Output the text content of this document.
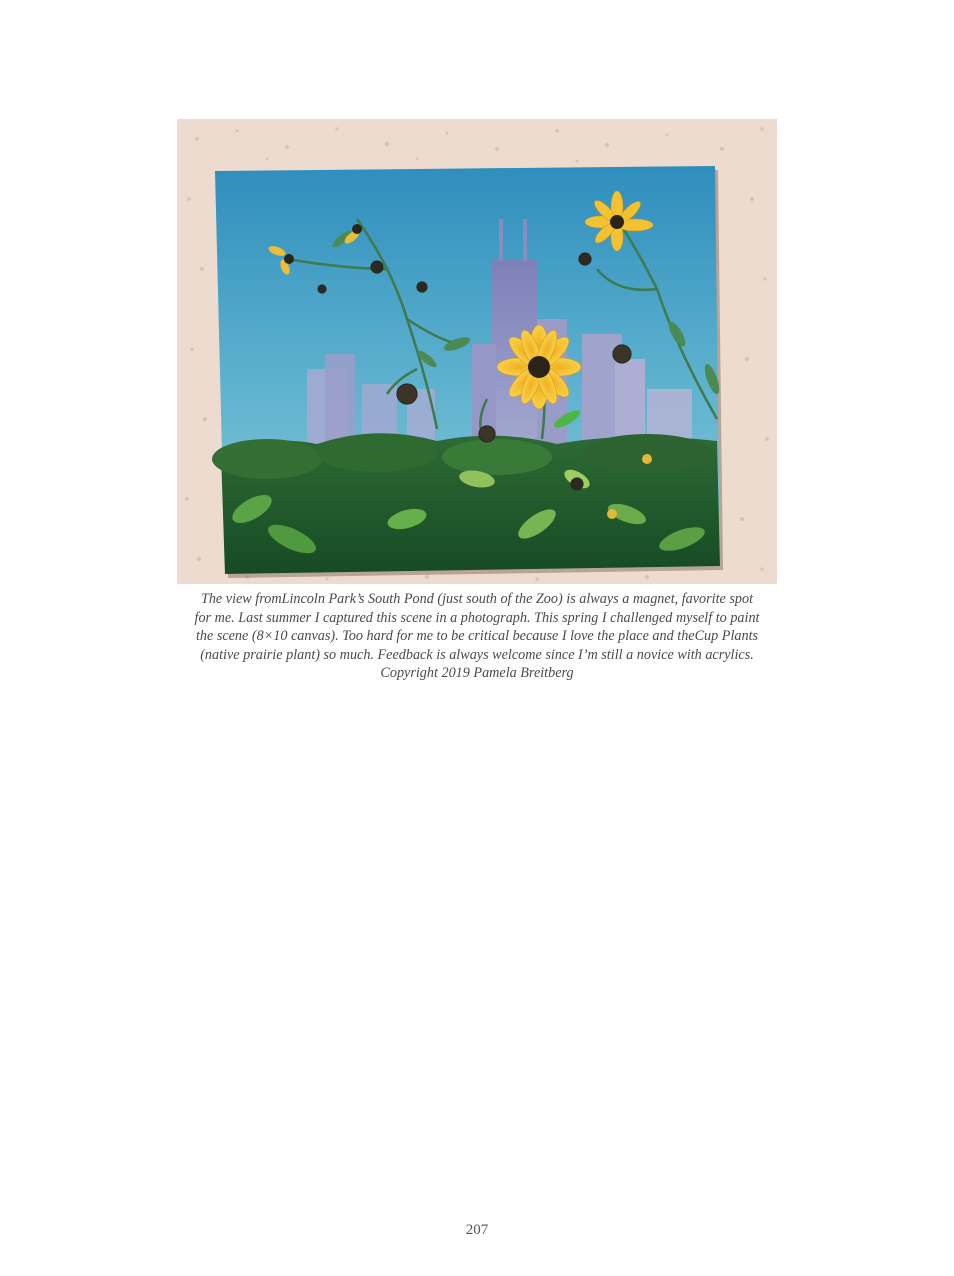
The view fromLincoln Park’s South Pond (just south of the Zoo) is always a magnet, favorite spot
for me. Last summer I captured this scene in a photograph. This spring I challenged myself to paint
the scene (8×10 canvas). Too hard for me to be critical because I love the place and theCup Plants
(native prairie plant) so much. Feedback is always welcome since I’m still a novice with acrylics.
Copyright 2019 Pamela Breitberg
207
